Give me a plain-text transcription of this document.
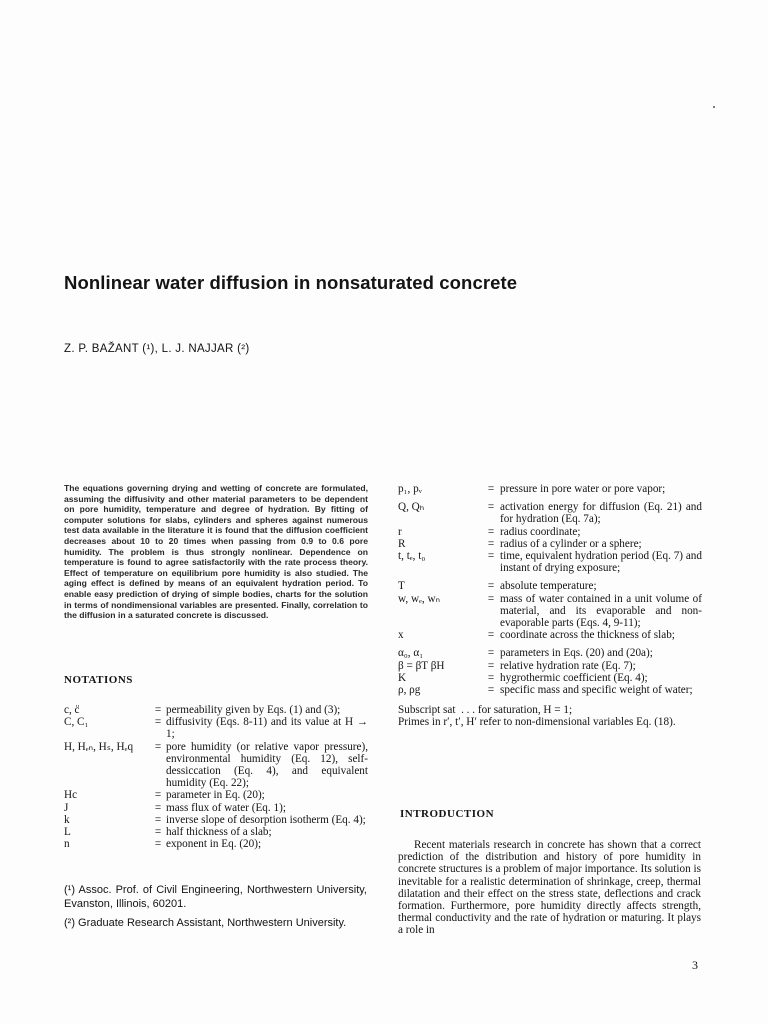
Nonlinear water diffusion in nonsaturated concrete
Z. P. BAŽANT (¹), L. J. NAJJAR (²)
The equations governing drying and wetting of concrete are formulated, assuming the diffusivity and other material parameters to be dependent on pore humidity, temperature and degree of hydration. By fitting of computer solutions for slabs, cylinders and spheres against numerous test data available in the literature it is found that the diffusion coefficient decreases about 10 to 20 times when passing from 0.9 to 0.6 pore humidity. The problem is thus strongly nonlinear. Dependence on temperature is found to agree satisfactorily with the rate process theory. Effect of temperature on equilibrium pore humidity is also studied. The aging effect is defined by means of an equivalent hydration period. To enable easy prediction of drying of simple bodies, charts for the solution in terms of nondimensional variables are presented. Finally, correlation to the diffusion in a saturated concrete is discussed.
NOTATIONS
c, c̈	= permeability given by Eqs. (1) and (3);
C, C₁	= diffusivity (Eqs. 8-11) and its value at H → 1;
H, Hₑₙ, Hₛ, Hₑq	= pore humidity (or relative vapor pressure), environmental humidity (Eq. 12), self-dessiccation (Eq. 4), and equivalent humidity (Eq. 22);
Hc	= parameter in Eq. (20);
J	= mass flux of water (Eq. 1);
k	= inverse slope of desorption isotherm (Eq. 4);
L	= half thickness of a slab;
n	= exponent in Eq. (20);
(¹) Assoc. Prof. of Civil Engineering, Northwestern University, Evanston, Illinois, 60201.
(²) Graduate Research Assistant, Northwestern University.
p₁, pᵥ	= pressure in pore water or pore vapor;
Q, Qₕ	= activation energy for diffusion (Eq. 21) and for hydration (Eq. 7a);
r	= radius coordinate;
R	= radius of a cylinder or a sphere;
t, tₑ, t₀	= time, equivalent hydration period (Eq. 7) and instant of drying exposure;
T	= absolute temperature;
w, wₑ, wₙ	= mass of water contained in a unit volume of material, and its evaporable and non-evaporable parts (Eqs. 4, 9-11);
x	= coordinate across the thickness of slab;
α₀, α₁	= parameters in Eqs. (20) and (20a);
β = βT βH	= relative hydration rate (Eq. 7);
K	= hygrothermic coefficient (Eq. 4);
ρ, ρg	= specific mass and specific weight of water;
Subscript sat  . . . for saturation, H = 1;
Primes in r′, t′, H′ refer to non-dimensional variables Eq. (18).
INTRODUCTION
Recent materials research in concrete has shown that a correct prediction of the distribution and history of pore humidity in concrete structures is a problem of major importance. Its solution is inevitable for a realistic determination of shrinkage, creep, thermal dilatation and their effect on the stress state, deflections and crack formation. Furthermore, pore humidity directly affects strength, thermal conductivity and the rate of hydration or maturing. It plays a role in
3
